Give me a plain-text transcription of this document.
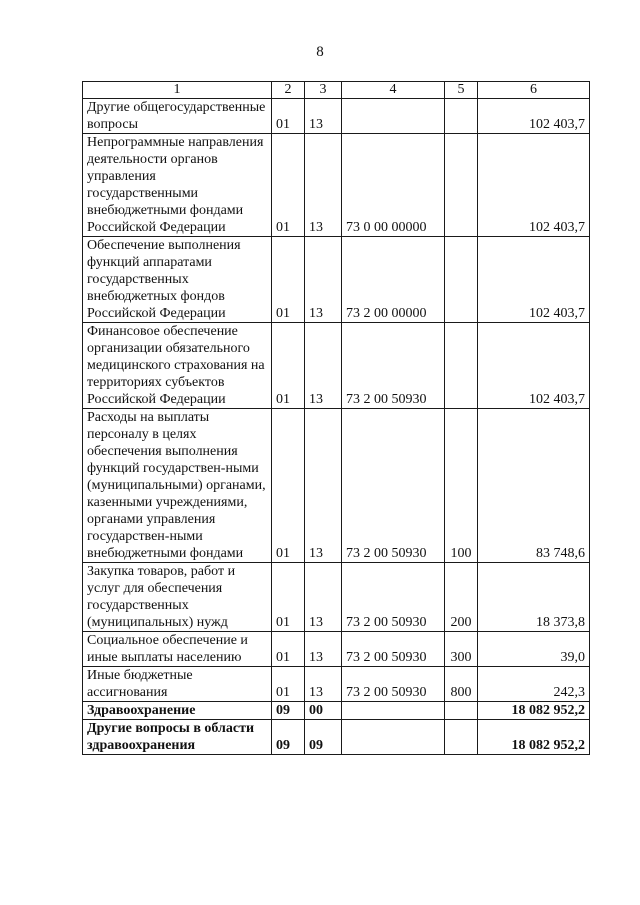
8
1	2	3	4	5	6
Другие общегосударственные вопросы	01	13			102 403,7
Непрограммные направления деятельности органов управления государственными внебюджетными фондами Российской Федерации	01	13	73 0 00 00000		102 403,7
Обеспечение выполнения функций аппаратами государственных внебюджетных фондов Российской Федерации	01	13	73 2 00 00000		102 403,7
Финансовое обеспечение организации обязательного медицинского страхования на территориях субъектов Российской Федерации	01	13	73 2 00 50930		102 403,7
Расходы на выплаты персоналу в целях обеспечения выполнения функций государствен-ными (муниципальными) органами, казенными учреждениями, органами управления государствен-ными внебюджетными фондами	01	13	73 2 00 50930	100	83 748,6
Закупка товаров, работ и услуг для обеспечения государственных (муниципальных) нужд	01	13	73 2 00 50930	200	18 373,8
Социальное обеспечение и иные выплаты населению	01	13	73 2 00 50930	300	39,0
Иные бюджетные ассигнования	01	13	73 2 00 50930	800	242,3
Здравоохранение	09	00			18 082 952,2
Другие вопросы в области здравоохранения	09	09			18 082 952,2
